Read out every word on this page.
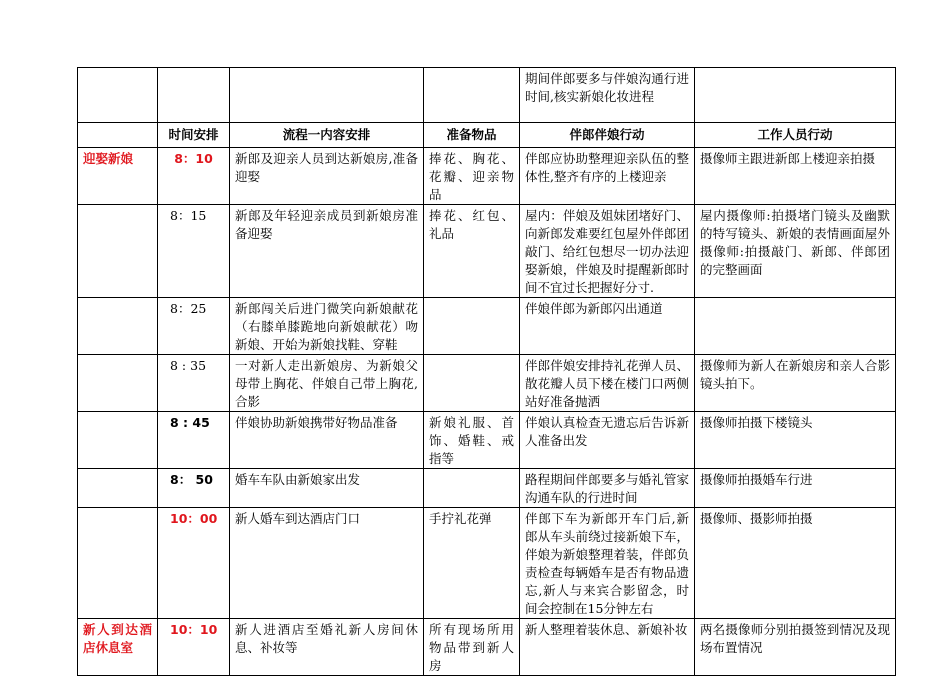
				期间伴郎要多与伴娘沟通行进时间,核实新娘化妆进程	
	时间安排	流程一内容安排	准备物品	伴郎伴娘行动	工作人员行动
迎娶新娘	8：10	新郎及迎亲人员到达新娘房,准备迎娶	捧花、胸花、花瓣、迎亲物品	伴郎应协助整理迎亲队伍的整体性,整齐有序的上楼迎亲	摄像师主跟进新郎上楼迎亲拍摄
	8：15	新郎及年轻迎亲成员到新娘房准备迎娶	捧花、红包、礼品	屋内：伴娘及姐妹团堵好门、向新郎发难要红包屋外伴郎团敲门、给红包想尽一切办法迎娶新娘，伴娘及时提醒新郎时间不宜过长把握好分寸.	屋内摄像师:拍摄堵门镜头及幽默的特写镜头、新娘的表情画面屋外摄像师:拍摄敲门、新郎、伴郎团的完整画面
	8：25	新郎闯关后进门微笑向新娘献花（右膝单膝跪地向新娘献花）吻新娘、开始为新娘找鞋、穿鞋		伴娘伴郎为新郎闪出通道	
	8 : 35	一对新人走出新娘房、为新娘父母带上胸花、伴娘自己带上胸花,合影		伴郎伴娘安排持礼花弹人员、散花瓣人员下楼在楼门口两侧站好准备抛洒	摄像师为新人在新娘房和亲人合影镜头拍下。
	8 : 45	伴娘协助新娘携带好物品准备	新娘礼服、首饰、婚鞋、戒指等	伴娘认真检查无遗忘后告诉新人准备出发	摄像师拍摄下楼镜头
	8： 50	婚车车队由新娘家出发		路程期间伴郎要多与婚礼管家沟通车队的行进时间	摄像师拍摄婚车行进
	10：00	新人婚车到达酒店门口	手拧礼花弹	伴郎下车为新郎开车门后,新郎从车头前绕过接新娘下车，伴娘为新娘整理着装，伴郎负责检查每辆婚车是否有物品遗忘,新人与来宾合影留念，时间会控制在15分钟左右	摄像师、摄影师拍摄
新人到达酒店休息室	10：10	新人进酒店至婚礼新人房间休息、补妆等	所有现场所用物品带到新人房	新人整理着装休息、新娘补妆	两名摄像师分别拍摄签到情况及现场布置情况
